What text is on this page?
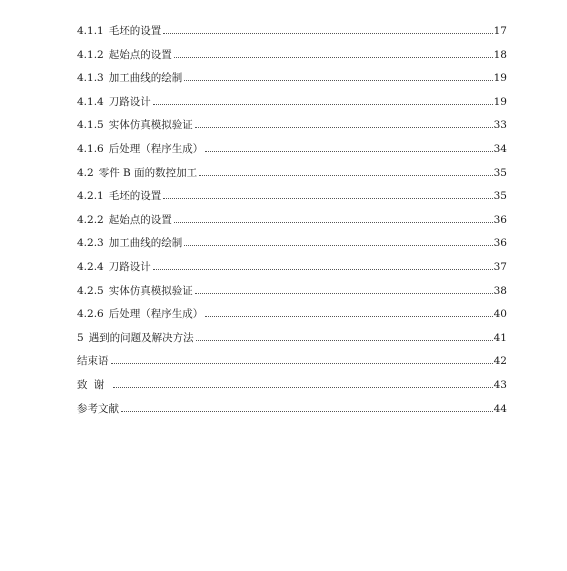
4.1.1 毛坯的设置	17
4.1.2 起始点的设置	18
4.1.3 加工曲线的绘制	19
4.1.4 刀路设计	19
4.1.5 实体仿真模拟验证	33
4.1.6 后处理（程序生成）	34
4.2 零件 B 面的数控加工	35
4.2.1 毛坯的设置	35
4.2.2 起始点的设置	36
4.2.3 加工曲线的绘制	36
4.2.4 刀路设计	37
4.2.5 实体仿真模拟验证	38
4.2.6 后处理（程序生成）	40
5 遇到的问题及解决方法	41
结束语	42
致谢	43
参考文献	44
